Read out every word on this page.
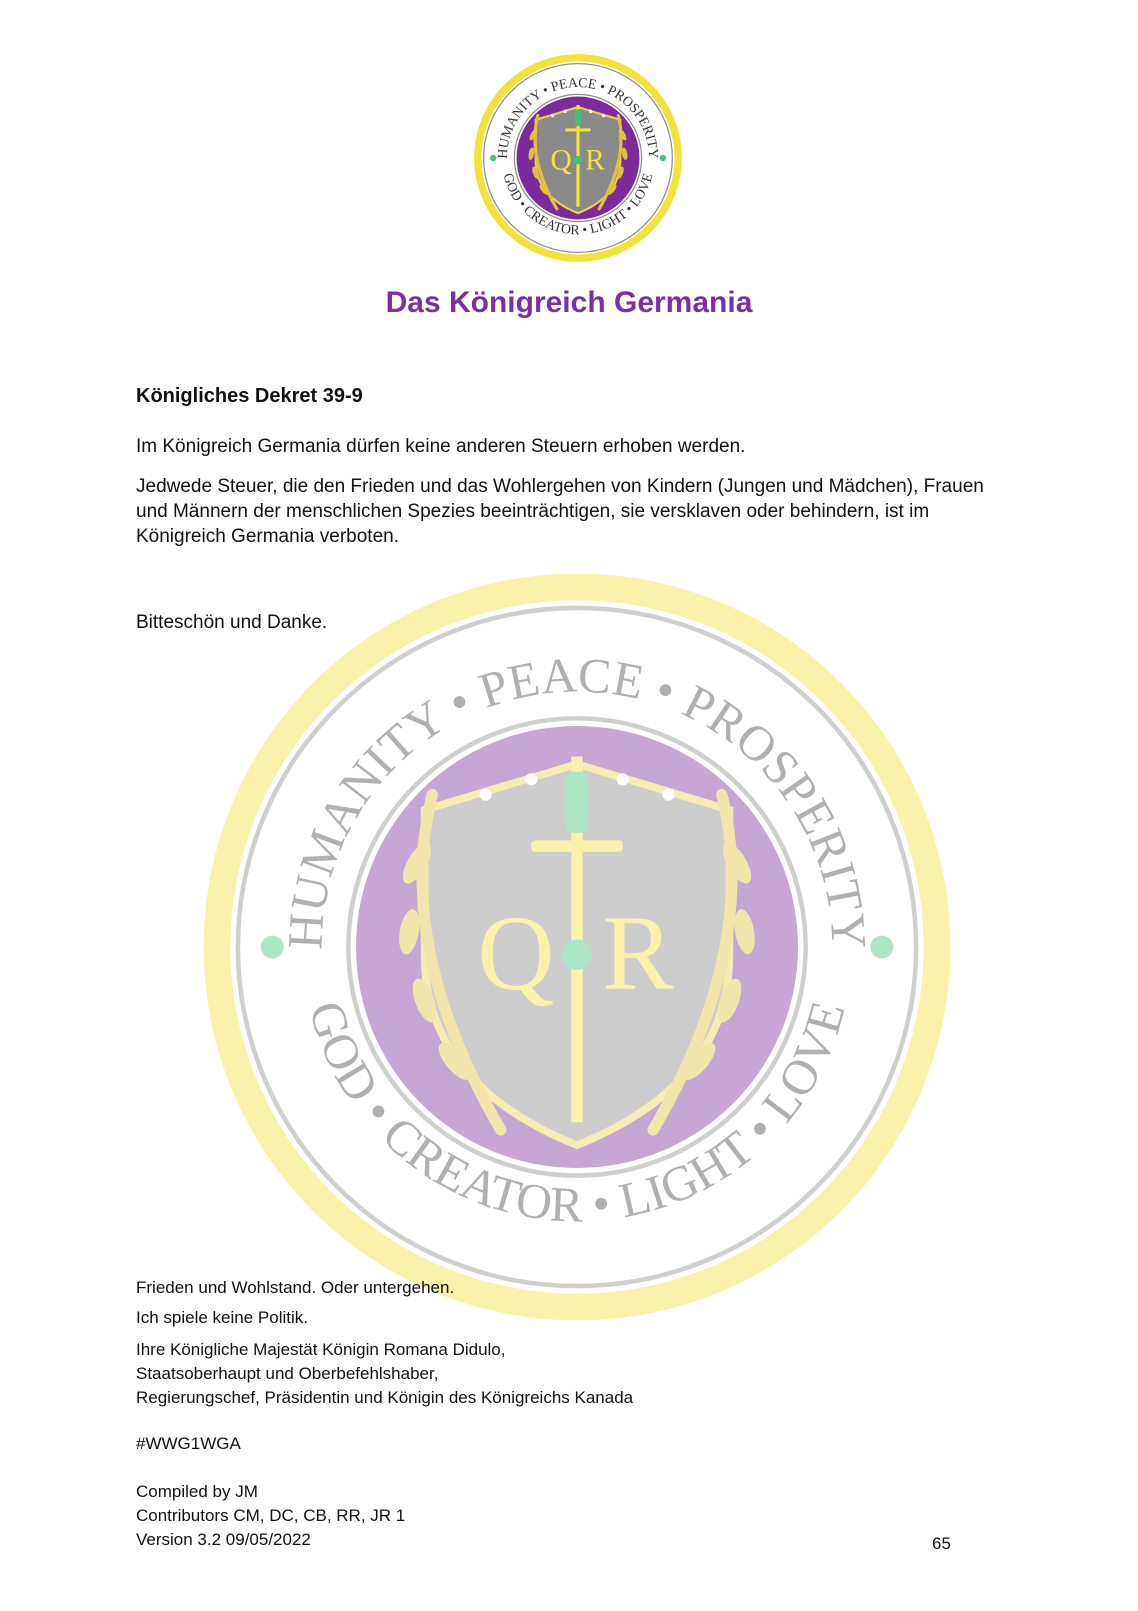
HUMANITY • PEACE • PROSPERITY
GOD • CREATOR • LIGHT • LOVE
Q R
HUMANITY • PEACE • PROSPERITY
GOD • CREATOR • LIGHT • LOVE
Q R
Das Königreich Germania
Königliches Dekret 39-9
Im Königreich Germania dürfen keine anderen Steuern erhoben werden.
Jedwede Steuer, die den Frieden und das Wohlergehen von Kindern (Jungen und Mädchen), Frauen und Männern der menschlichen Spezies beeinträchtigen, sie versklaven oder behindern, ist im Königreich Germania verboten.
Bitteschön und Danke.
Frieden und Wohlstand. Oder untergehen.
Ich spiele keine Politik.
Ihre Königliche Majestät Königin Romana Didulo,
Staatsoberhaupt und Oberbefehlshaber,
Regierungschef, Präsidentin und Königin des Königreichs Kanada
#WWG1WGA
Compiled by JM
Contributors CM, DC, CB, RR, JR 1
Version 3.2 09/05/2022	65
